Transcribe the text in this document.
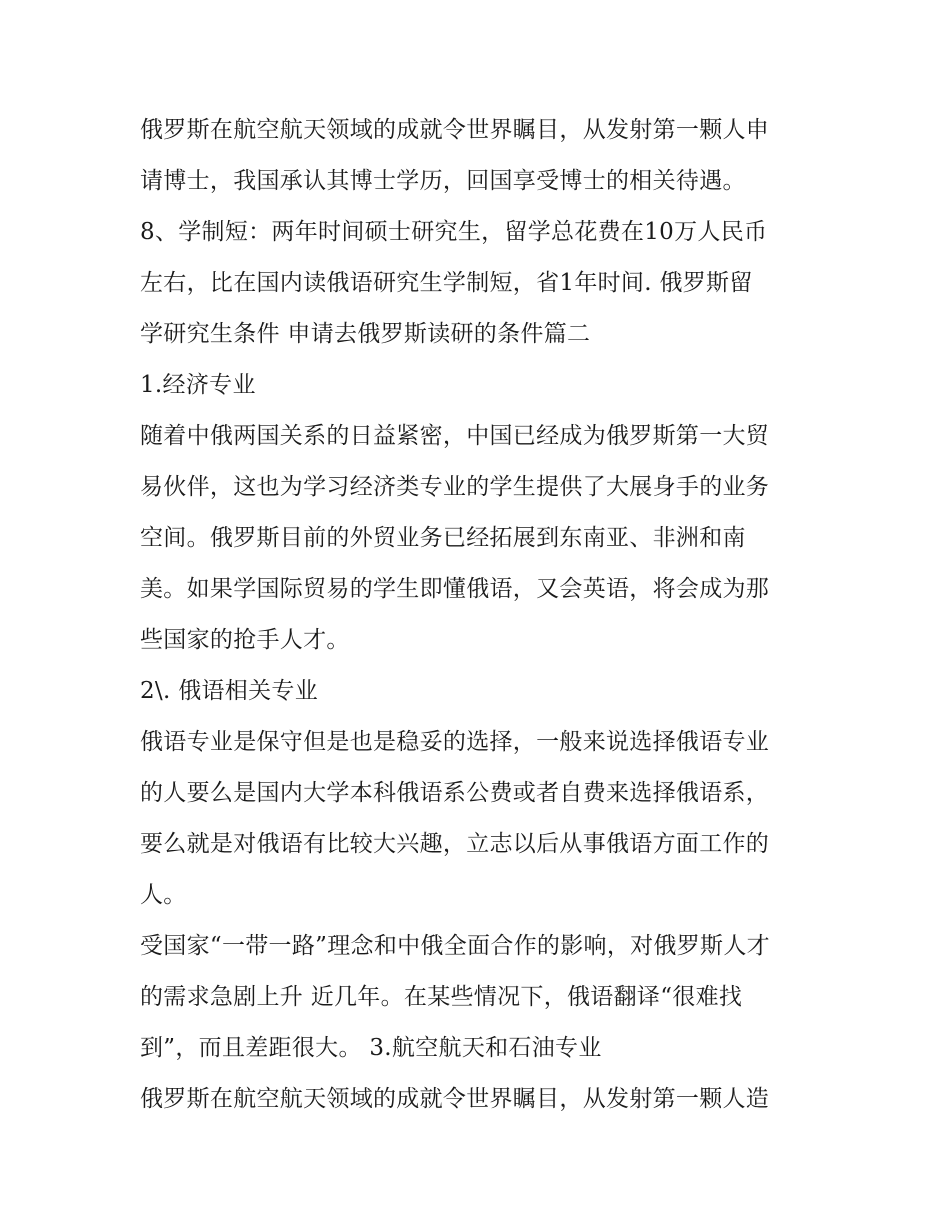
俄罗斯在航空航天领域的成就令世界瞩目，从发射第一颗人申
请博士，我国承认其博士学历，回国享受博士的相关待遇。
8、学制短：两年时间硕士研究生，留学总花费在10万人民币
左右，比在国内读俄语研究生学制短，省1年时间. 俄罗斯留
学研究生条件 申请去俄罗斯读研的条件篇二
1.经济专业
随着中俄两国关系的日益紧密，中国已经成为俄罗斯第一大贸
易伙伴，这也为学习经济类专业的学生提供了大展身手的业务
空间。俄罗斯目前的外贸业务已经拓展到东南亚、非洲和南
美。如果学国际贸易的学生即懂俄语，又会英语，将会成为那
些国家的抢手人才。
2\. 俄语相关专业
俄语专业是保守但是也是稳妥的选择，一般来说选择俄语专业
的人要么是国内大学本科俄语系公费或者自费来选择俄语系，
要么就是对俄语有比较大兴趣，立志以后从事俄语方面工作的
人。
受国家“一带一路”理念和中俄全面合作的影响，对俄罗斯人才
的需求急剧上升 近几年。在某些情况下，俄语翻译“很难找
到”，而且差距很大。 3.航空航天和石油专业
俄罗斯在航空航天领域的成就令世界瞩目，从发射第一颗人造
